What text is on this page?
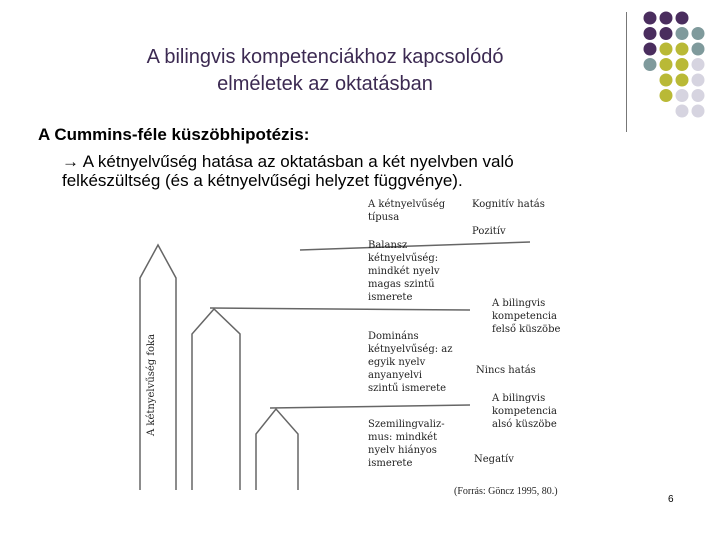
A bilingvis kompetenciákhoz kapcsolódó
elméletek az oktatásban
A Cummins-féle küszöbhipotézis:
→ A kétnyelvűség hatása az oktatásban a két nyelvben való
felkészültség (és a kétnyelvűségi helyzet függvénye).
A kétnyelvűség foka
A kétnyelvűség
típusa
Kognitív hatás
Pozitív
Balansz
kétnyelvűség:
mindkét nyelv
magas szintű
ismerete
A bilingvis
kompetencia
felső küszöbe
Domináns
kétnyelvűség: az
egyik nyelv
anyanyelvi
szintű ismerete
Nincs hatás
A bilingvis
kompetencia
alsó küszöbe
Szemilingvaliz-
mus: mindkét
nyelv hiányos
ismerete	Negatív
(Forrás: Göncz 1995, 80.)
6
